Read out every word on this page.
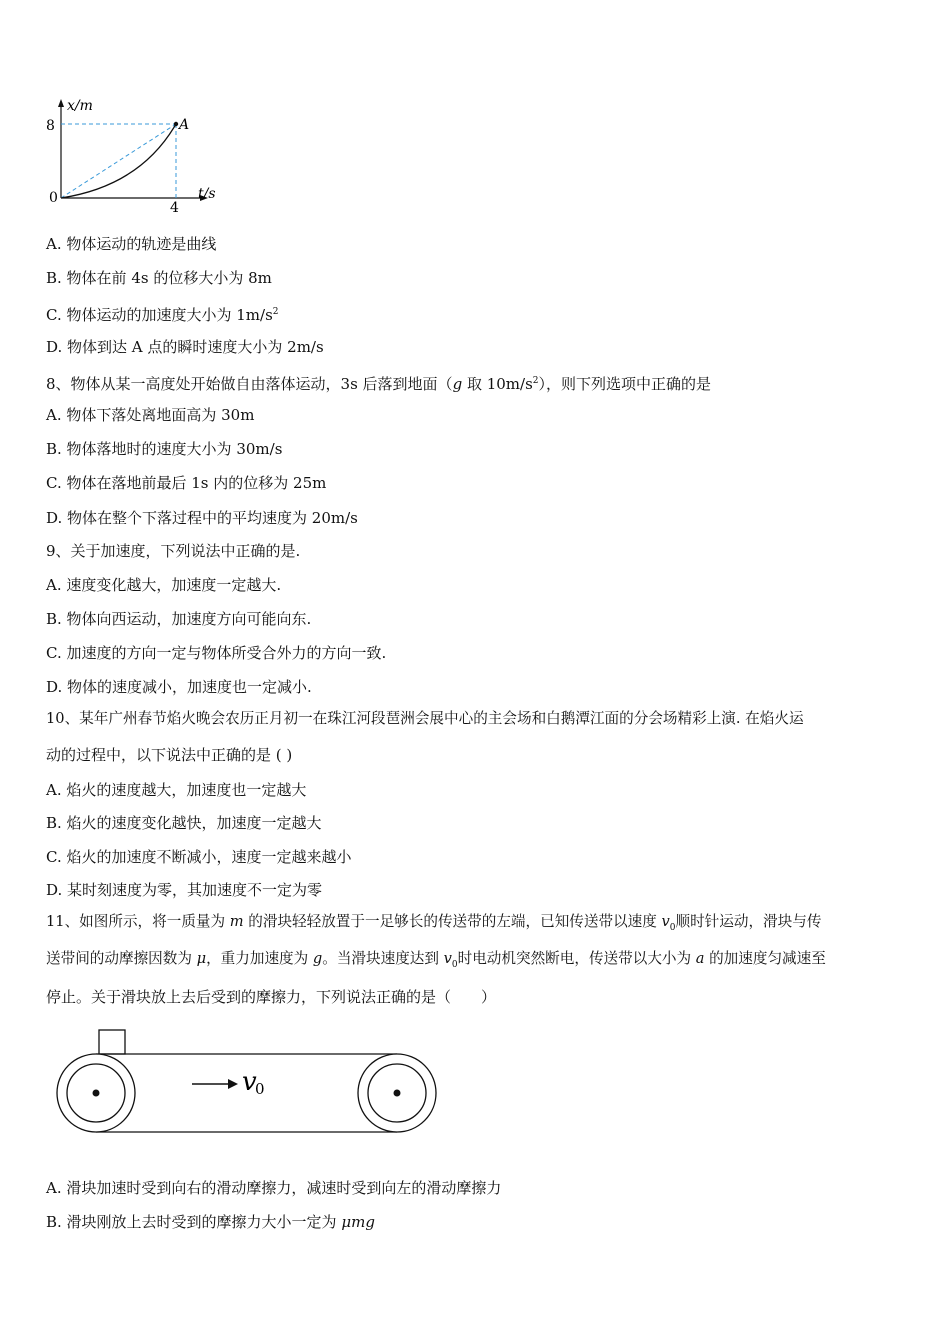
x/m
t/s
8
4
0
A
A. 物体运动的轨迹是曲线
B. 物体在前 4s 的位移大小为 8m
C. 物体运动的加速度大小为 $1m/s^2$
D. 物体到达 A 点的瞬时速度大小为 2m/s
8、物体从某一高度处开始做自由落体运动，3s 后落到地面（g 取 $10m/s^2$），则下列选项中正确的是
A. 物体下落处离地面高为 30m
B. 物体落地时的速度大小为 30m/s
C. 物体在落地前最后 1s 内的位移为 25m
D. 物体在整个下落过程中的平均速度为 20m/s
9、关于加速度，下列说法中正确的是.
A. 速度变化越大，加速度一定越大.
B. 物体向西运动，加速度方向可能向东.
C. 加速度的方向一定与物体所受合外力的方向一致.
D. 物体的速度减小，加速度也一定减小.
10、某年广州春节焰火晚会农历正月初一在珠江河段琶洲会展中心的主会场和白鹅潭江面的分会场精彩上演. 在焰火运
动的过程中，以下说法中正确的是 ( )
A. 焰火的速度越大，加速度也一定越大
B. 焰火的速度变化越快，加速度一定越大
C. 焰火的加速度不断减小，速度一定越来越小
D. 某时刻速度为零，其加速度不一定为零
11、如图所示，将一质量为 m 的滑块轻轻放置于一足够长的传送带的左端，已知传送带以速度 $v_0$顺时针运动，滑块与传
送带间的动摩擦因数为 μ，重力加速度为 g。当滑块速度达到 $v_0$时电动机突然断电，传送带以大小为 a 的加速度匀减速至
停止。关于滑块放上去后受到的摩擦力，下列说法正确的是（　　）
v
0
A. 滑块加速时受到向右的滑动摩擦力，减速时受到向左的滑动摩擦力
B. 滑块刚放上去时受到的摩擦力大小一定为 μmg
